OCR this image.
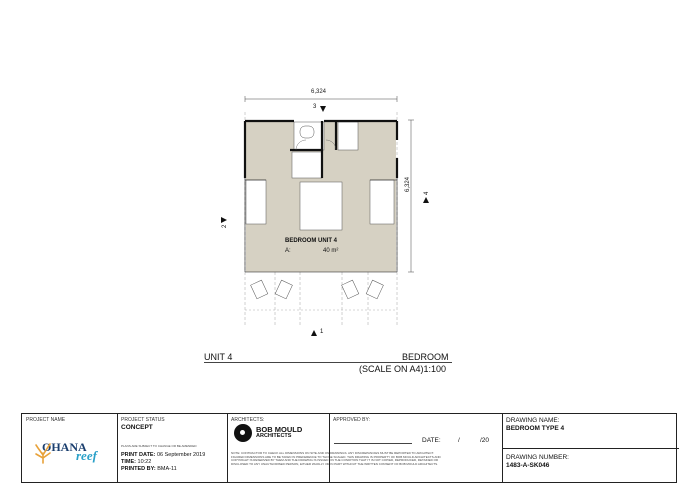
6,324
6,324
3
2
4
1
BEDROOM UNIT 4
A:	40 m²
UNIT 4	BEDROOM
(SCALE ON A4)1:100
PROJECT NAME
OHANA
reef
PROJECT STATUS
CONCEPT
PLANS ARE SUBJECT TO CHANGE OR BE AMENDED
PRINT DATE: 06 September 2019
TIME: 10:22
PRINTED BY: BMA-11
ARCHITECTS:
BOB MOULD
ARCHITECTS
NOTE: CONTRACTOR TO CHECK ALL DIMENSIONS ON SITE AND ON DRAWINGS. ANY DISCREPANCIES MUST BE REPORTED TO ARCHITECT. FIGURED DIMENSIONS ARE TO BE TAKEN IN PREFERENCE TO THOSE SCALED. THIS DRAWING IS PROPERTY OF BOB MOULD ARCHITECTS AND COPYRIGHT IS RESERVED BY THEM AND THE DRAWING IS ISSUED ON THE CONDITION THAT IT IS NOT COPIED, REPRODUCED, RETAINED OR DISCLOSED TO ANY UNAUTHORISED PERSON, EITHER WHOLLY OR IN PART WITHOUT THE WRITTEN CONSENT OF BOB MOULD ARCHITECTS.
APPROVED BY:
DATE:	/	/20
DRAWING NAME:
BEDROOM TYPE 4
DRAWING NUMBER:
1483-A-SK046
